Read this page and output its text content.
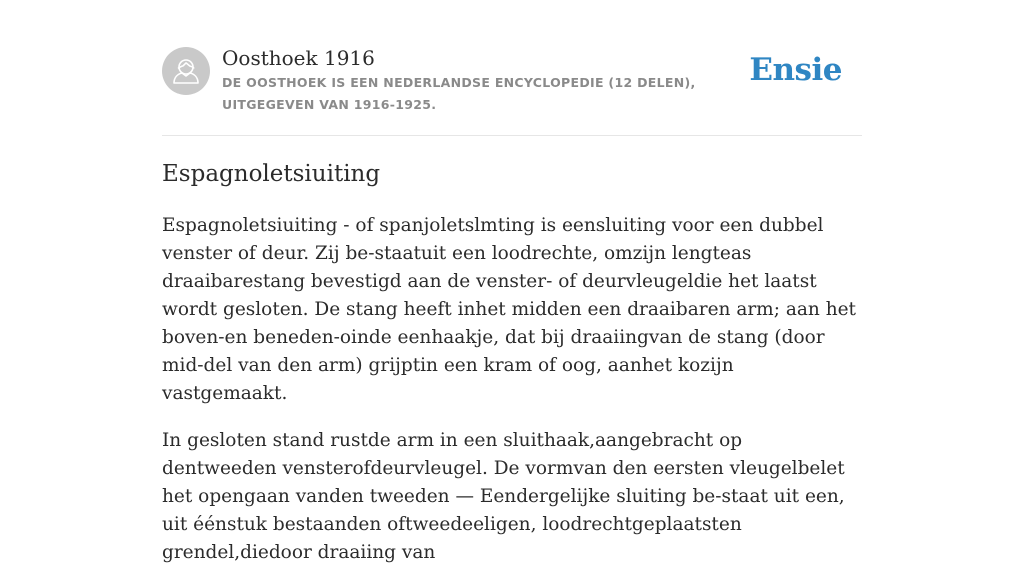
Oosthoek 1916
DE OOSTHOEK IS EEN NEDERLANDSE ENCYCLOPEDIE (12 DELEN), UITGEGEVEN VAN 1916-1925.
Ensie
Espagnoletsiuiting

Espagnoletsiuiting - of spanjoletslmting is eensluiting voor een dubbel venster of deur. Zij be-staatuit een loodrechte, omzijn lengteas draaibarestang bevestigd aan de venster- of deurvleugeldie het laatst wordt gesloten. De stang heeft inhet midden een draaibaren arm; aan het boven-en beneden-oinde eenhaakje, dat bij draaiingvan de stang (door mid-del van den arm) grijptin een kram of oog, aanhet kozijn vastgemaakt.

In gesloten stand rustde arm in een sluithaak,aangebracht op dentweeden vensterofdeurvleugel. De vormvan den eersten vleugelbelet het opengaan vanden tweeden — Eendergelijke sluiting be-staat uit een, uit éénstuk bestaanden oftweedeeligen, loodrechtgeplaatsten grendel,diedoor draaiing van
